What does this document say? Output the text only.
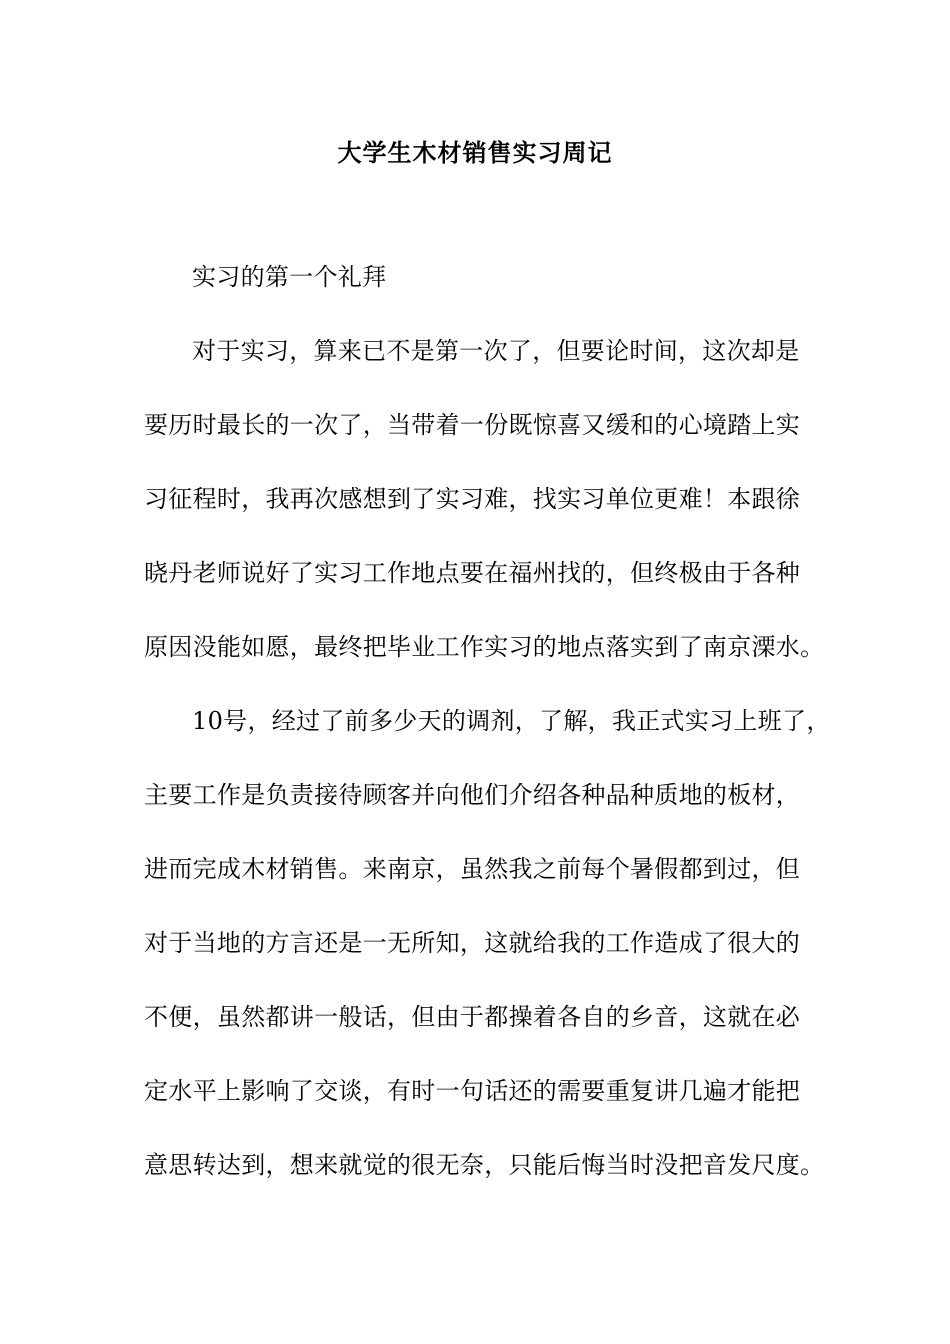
大学生木材销售实习周记

实习的第一个礼拜

对于实习，算来已不是第一次了，但要论时间，这次却是

要历时最长的一次了，当带着一份既惊喜又缓和的心境踏上实

习征程时，我再次感想到了实习难，找实习单位更难！本跟徐

晓丹老师说好了实习工作地点要在福州找的，但终极由于各种

原因没能如愿，最终把毕业工作实习的地点落实到了南京溧水。

10号，经过了前多少天的调剂，了解，我正式实习上班了，

主要工作是负责接待顾客并向他们介绍各种品种质地的板材，

进而完成木材销售。来南京，虽然我之前每个暑假都到过，但

对于当地的方言还是一无所知，这就给我的工作造成了很大的

不便，虽然都讲一般话，但由于都操着各自的乡音，这就在必

定水平上影响了交谈，有时一句话还的需要重复讲几遍才能把

意思转达到，想来就觉的很无奈，只能后悔当时没把音发尺度。
